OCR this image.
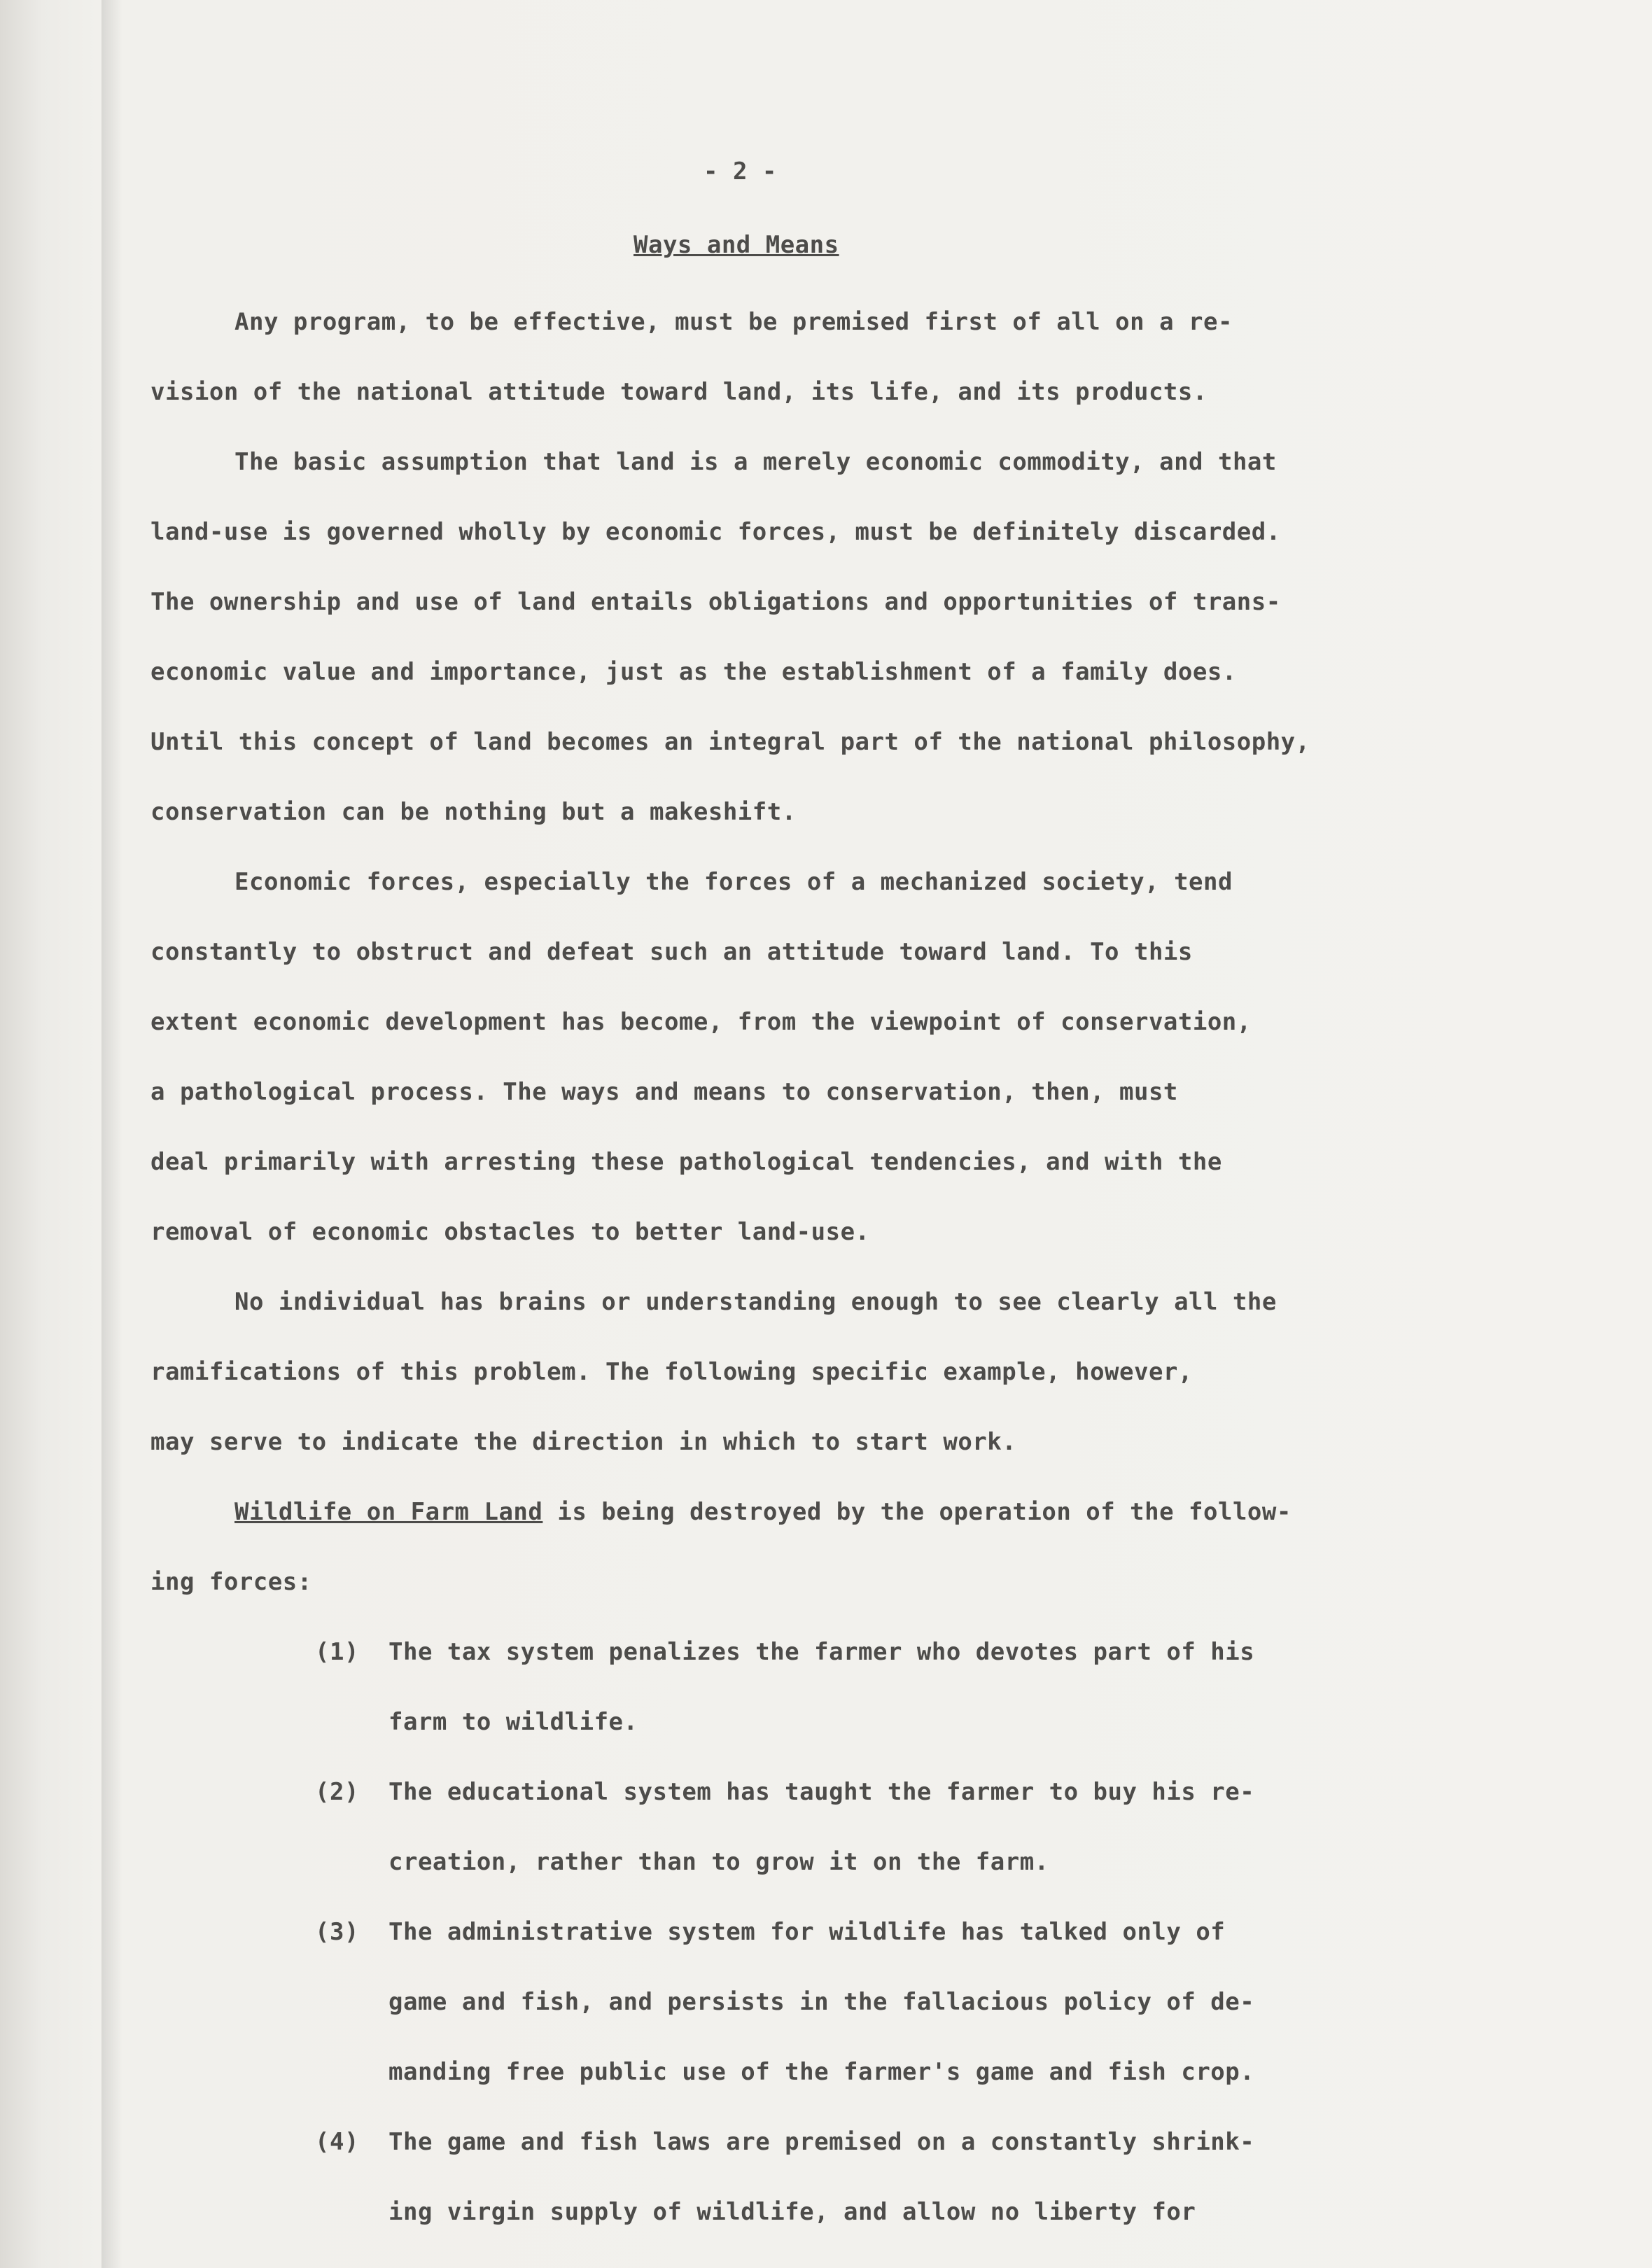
- 2 -
Ways and Means
Any program, to be effective, must be premised first of all on a re-
vision of the national attitude toward land, its life, and its products.
The basic assumption that land is a merely economic commodity, and that
land-use is governed wholly by economic forces, must be definitely discarded.
The ownership and use of land entails obligations and opportunities of trans-
economic value and importance, just as the establishment of a family does.
Until this concept of land becomes an integral part of the national philosophy,
conservation can be nothing but a makeshift.
Economic forces, especially the forces of a mechanized society, tend
constantly to obstruct and defeat such an attitude toward land. To this
extent economic development has become, from the viewpoint of conservation,
a pathological process. The ways and means to conservation, then, must
deal primarily with arresting these pathological tendencies, and with the
removal of economic obstacles to better land-use.
No individual has brains or understanding enough to see clearly all the
ramifications of this problem. The following specific example, however,
may serve to indicate the direction in which to start work.
Wildlife on Farm Land is being destroyed by the operation of the follow-
ing forces:
(1) The tax system penalizes the farmer who devotes part of his
farm to wildlife.
(2) The educational system has taught the farmer to buy his re-
creation, rather than to grow it on the farm.
(3) The administrative system for wildlife has talked only of
game and fish, and persists in the fallacious policy of de-
manding free public use of the farmer's game and fish crop.
(4) The game and fish laws are premised on a constantly shrink-
ing virgin supply of wildlife, and allow no liberty for
